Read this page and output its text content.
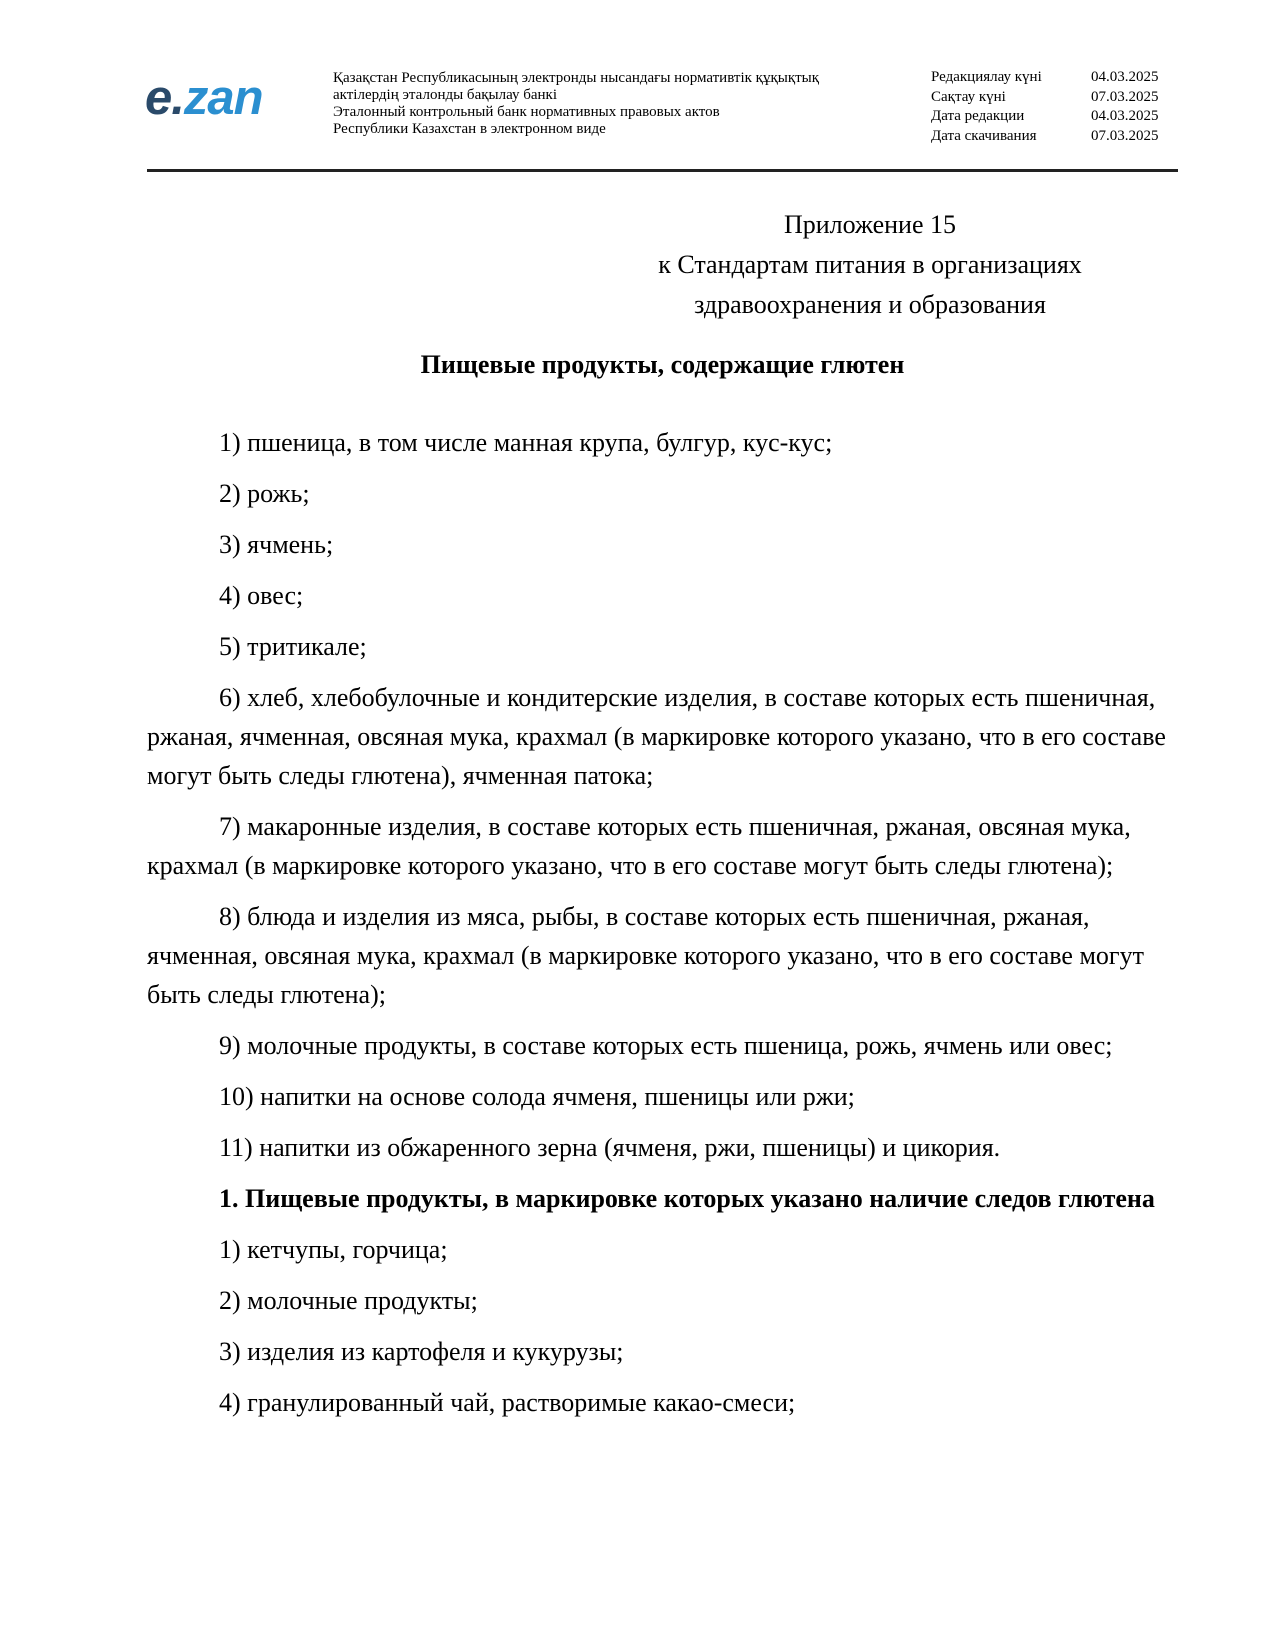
e.zan	Қазақстан Республикасының электронды нысандағы нормативтік құқықтық
актілердің эталонды бақылау банкі
Эталонный контрольный банк нормативных правовых актов
Республики Казахстан в электронном виде
Редакциялау күні	04.03.2025
Сақтау күні	07.03.2025
Дата редакции	04.03.2025
Дата скачивания	07.03.2025
Приложение 15
к Стандартам питания в организациях
здравоохранения и образования
Пищевые продукты, содержащие глютен

1) пшеница, в том числе манная крупа, булгур, кус-кус;

2) рожь;

3) ячмень;

4) овес;

5) тритикале;

6) хлеб, хлебобулочные и кондитерские изделия, в составе которых есть пшеничная, ржаная, ячменная, овсяная мука, крахмал (в маркировке которого указано, что в его составе могут быть следы глютена), ячменная патока;

7) макаронные изделия, в составе которых есть пшеничная, ржаная, овсяная мука, крахмал (в маркировке которого указано, что в его составе могут быть следы глютена);

8) блюда и изделия из мяса, рыбы, в составе которых есть пшеничная, ржаная, ячменная, овсяная мука, крахмал (в маркировке которого указано, что в его составе могут быть следы глютена);

9) молочные продукты, в составе которых есть пшеница, рожь, ячмень или овес;

10) напитки на основе солода ячменя, пшеницы или ржи;

11) напитки из обжаренного зерна (ячменя, ржи, пшеницы) и цикория.

1. Пищевые продукты, в маркировке которых указано наличие следов глютена

1) кетчупы, горчица;

2) молочные продукты;

3) изделия из картофеля и кукурузы;

4) гранулированный чай, растворимые какао-смеси;
